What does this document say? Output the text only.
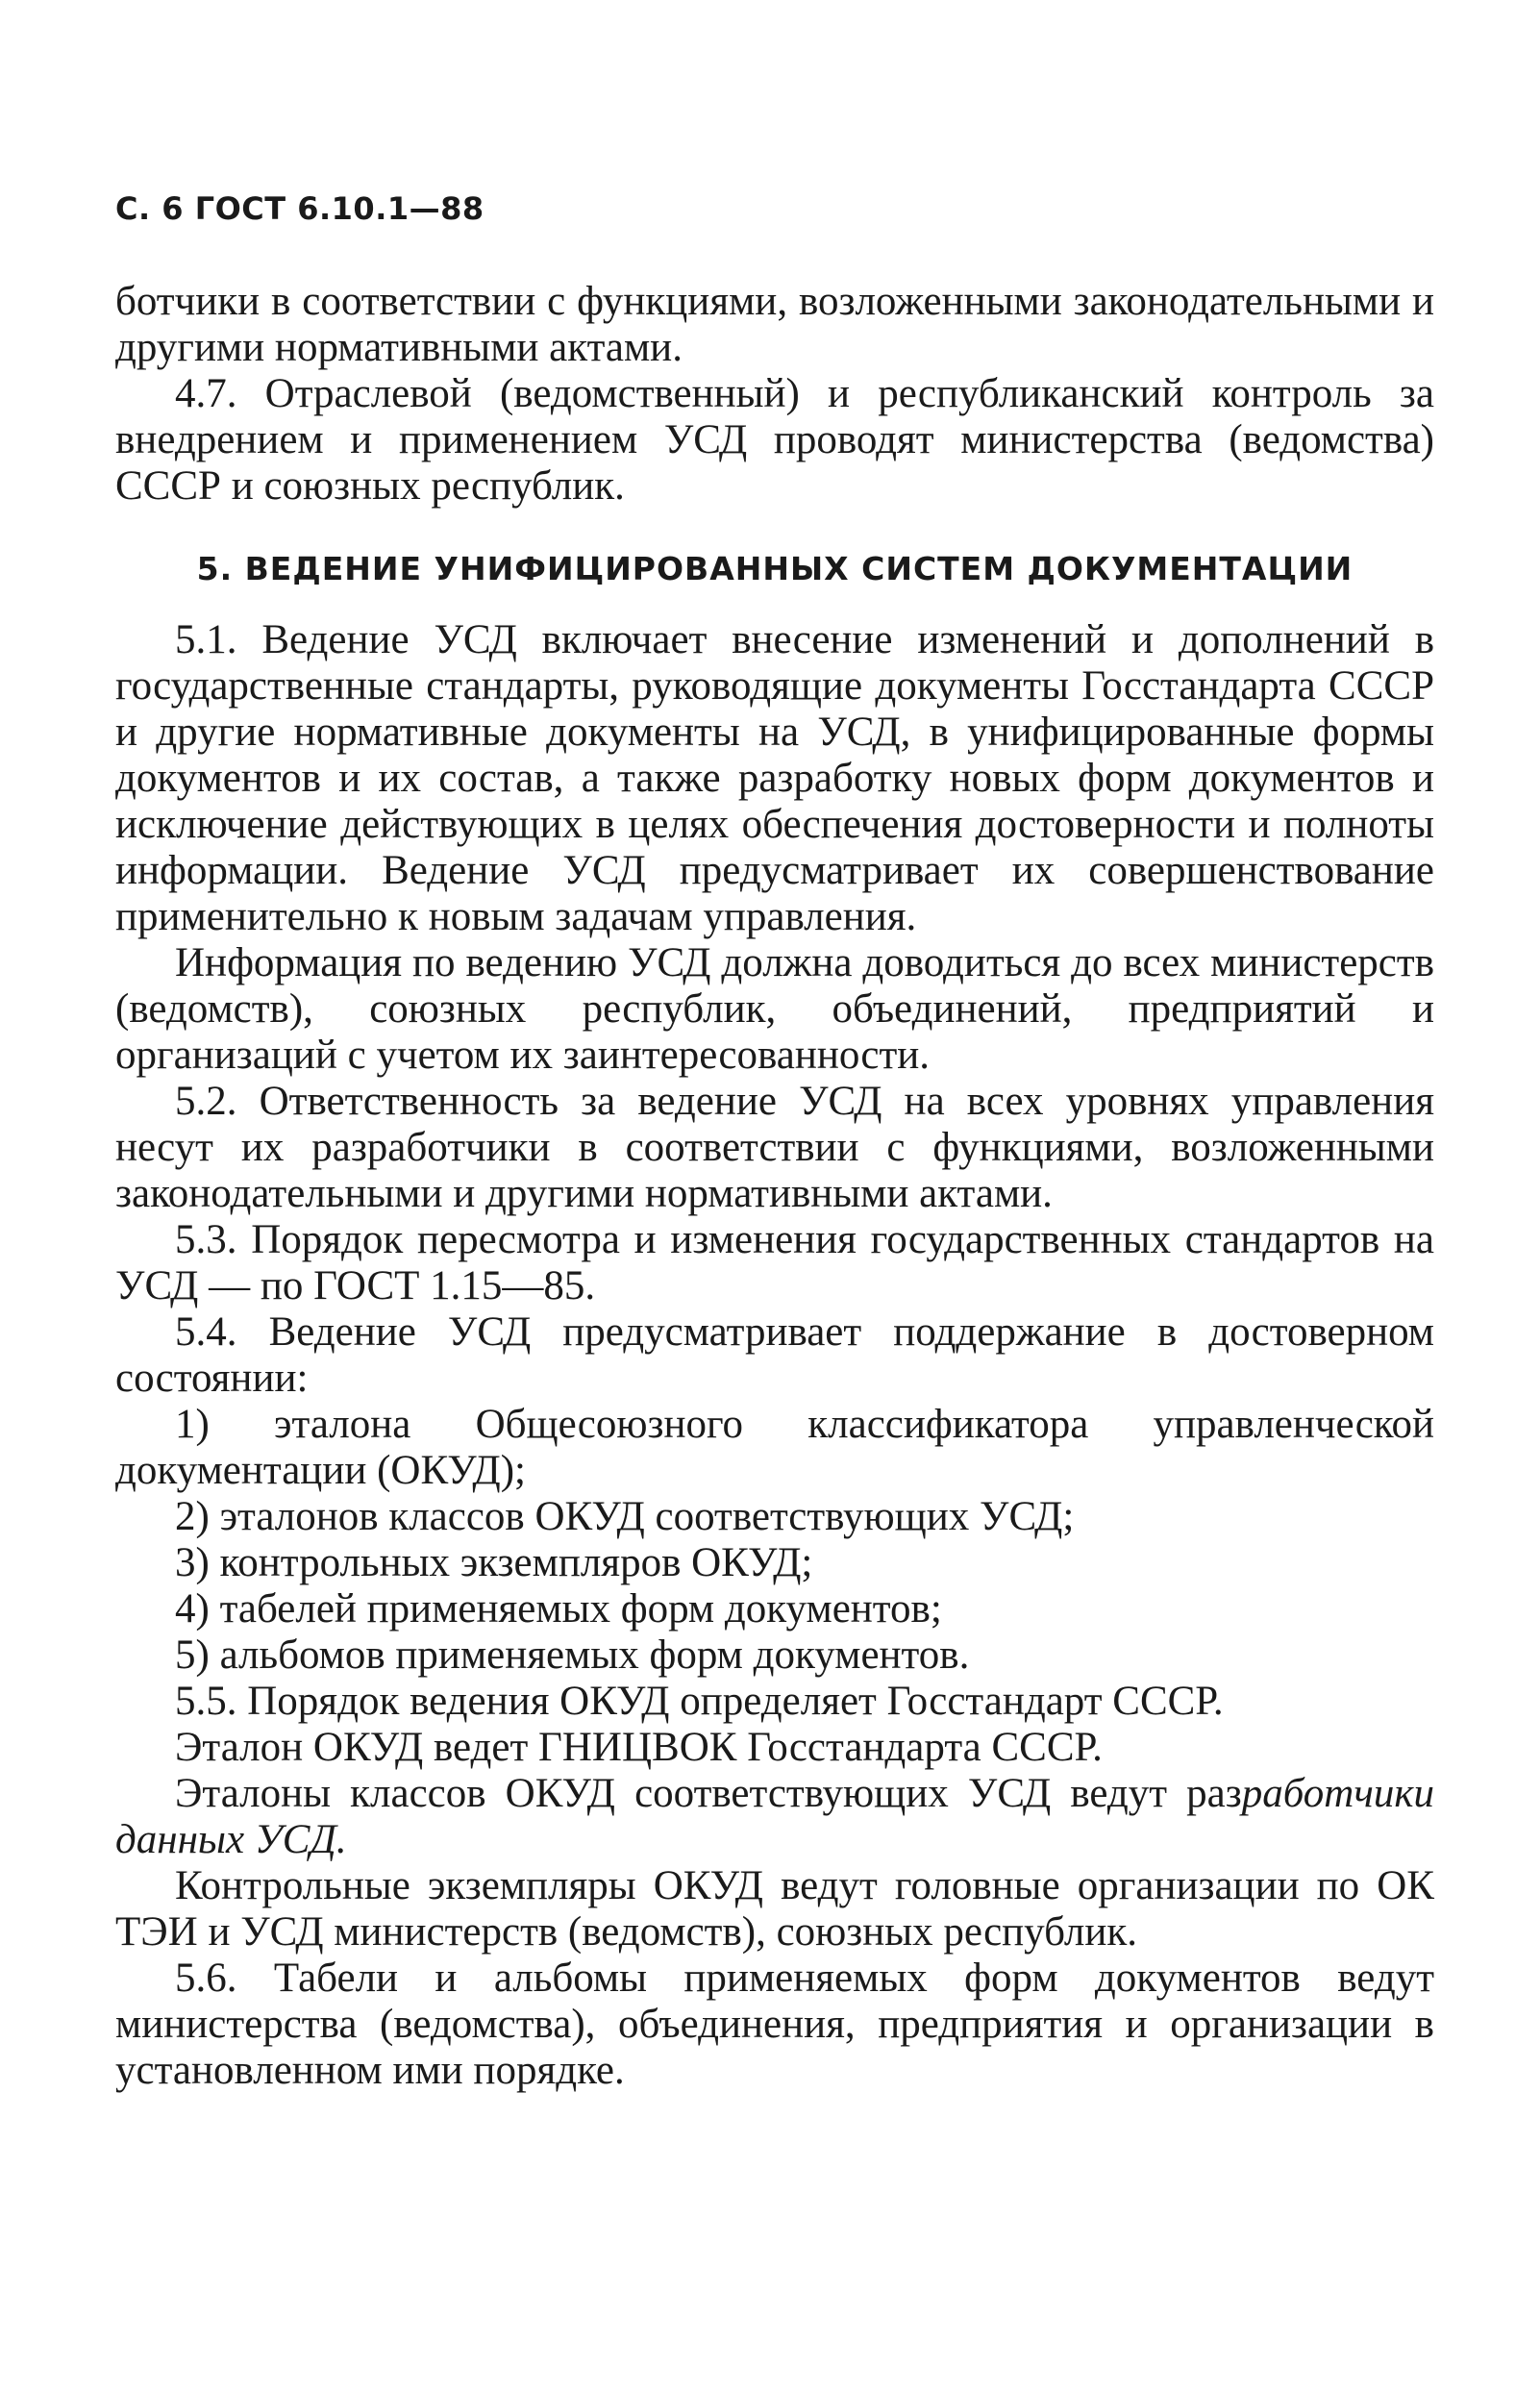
С. 6 ГОСТ 6.10.1—88

ботчики в соответствии с функциями, возложенными законодательными и другими нормативными актами.

4.7. Отраслевой (ведомственный) и республиканский контроль за внедрением и применением УСД проводят министерства (ведомства) СССР и союзных республик.

5. ВЕДЕНИЕ УНИФИЦИРОВАННЫХ СИСТЕМ ДОКУМЕНТАЦИИ

5.1. Ведение УСД включает внесение изменений и дополнений в государственные стандарты, руководящие документы Госстандарта СССР и другие нормативные документы на УСД, в унифицированные формы документов и их состав, а также разработку новых форм документов и исключение действующих в целях обеспечения достоверности и полноты информации. Ведение УСД предусматривает их совершенствование применительно к новым задачам управления.

Информация по ведению УСД должна доводиться до всех министерств (ведомств), союзных республик, объединений, предприятий и организаций с учетом их заинтересованности.

5.2. Ответственность за ведение УСД на всех уровнях управления несут их разработчики в соответствии с функциями, возложенными законодательными и другими нормативными актами.

5.3. Порядок пересмотра и изменения государственных стандартов на УСД — по ГОСТ 1.15—85.

5.4. Ведение УСД предусматривает поддержание в достоверном состоянии:

1) эталона Общесоюзного классификатора управленческой документации (ОКУД);

2) эталонов классов ОКУД соответствующих УСД;

3) контрольных экземпляров ОКУД;

4) табелей применяемых форм документов;

5) альбомов применяемых форм документов.

5.5. Порядок ведения ОКУД определяет Госстандарт СССР.

Эталон ОКУД ведет ГНИЦВОК Госстандарта СССР.

Эталоны классов ОКУД соответствующих УСД ведут разработчики данных УСД.

Контрольные экземпляры ОКУД ведут головные организации по ОК ТЭИ и УСД министерств (ведомств), союзных республик.

5.6. Табели и альбомы применяемых форм документов ведут министерства (ведомства), объединения, предприятия и организации в установленном ими порядке.
